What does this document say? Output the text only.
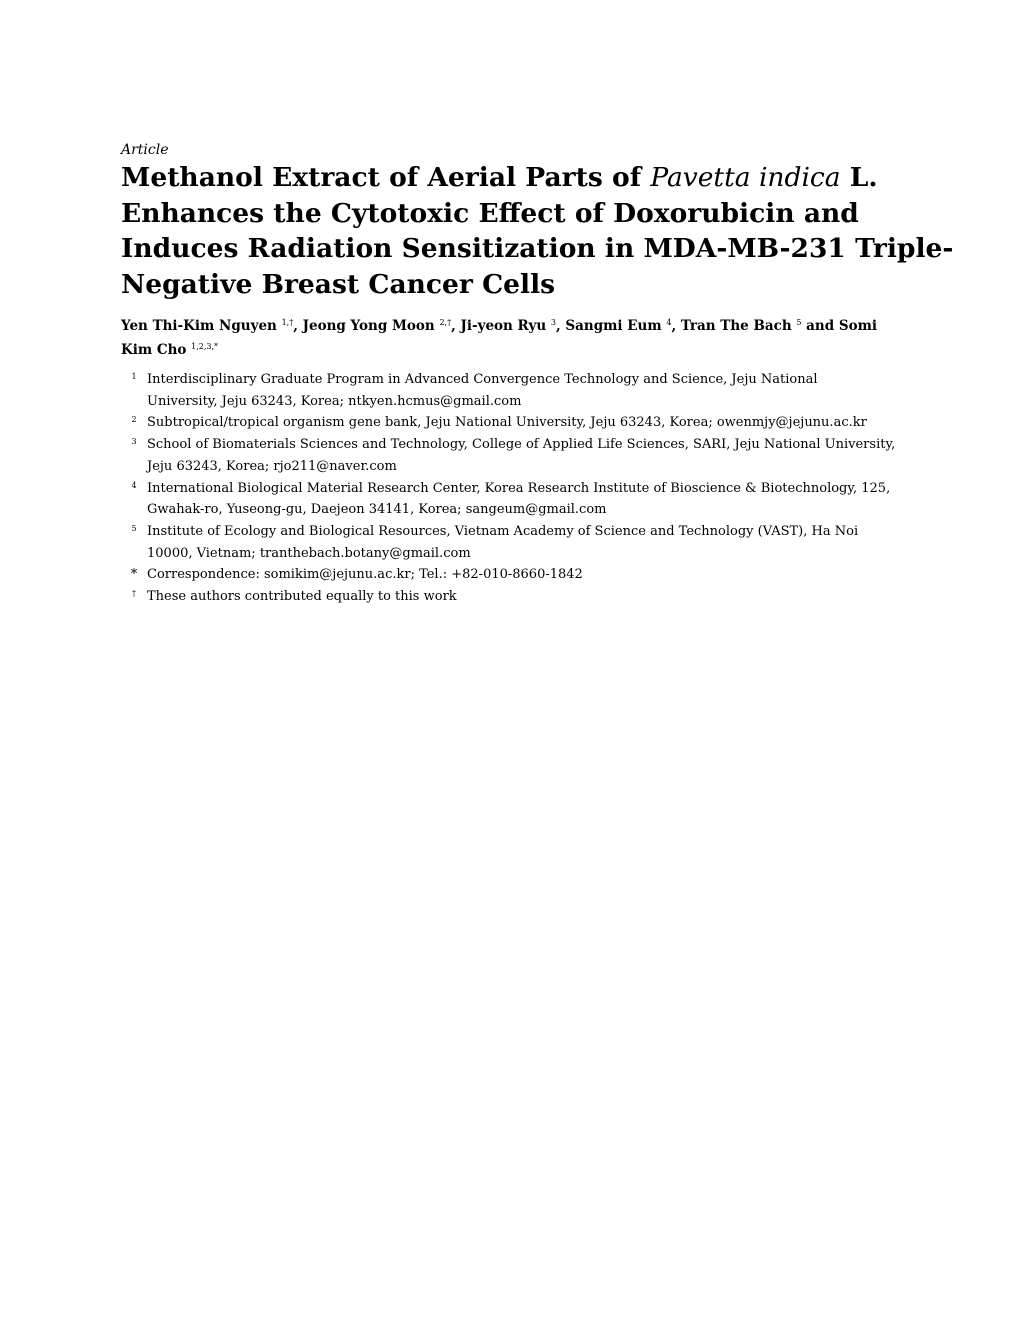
Article
Methanol Extract of Aerial Parts of Pavetta indica L.
Enhances the Cytotoxic Effect of Doxorubicin and
Induces Radiation Sensitization in MDA-MB-231 Triple-
Negative Breast Cancer Cells
Yen Thi-Kim Nguyen $^{1,\dagger}$, Jeong Yong Moon $^{2,\dagger}$, Ji-yeon Ryu $^3$, Sangmi Eum $^4$, Tran The Bach $^5$ and Somi
Kim Cho $^{1,2,3,*}$
1 Interdisciplinary Graduate Program in Advanced Convergence Technology and Science, Jeju National
University, Jeju 63243, Korea; ntkyen.hcmus@gmail.com
2 Subtropical/tropical organism gene bank, Jeju National University, Jeju 63243, Korea; owenmjy@jejunu.ac.kr
3 School of Biomaterials Sciences and Technology, College of Applied Life Sciences, SARI, Jeju National University,
Jeju 63243, Korea; rjo211@naver.com
4 International Biological Material Research Center, Korea Research Institute of Bioscience & Biotechnology, 125,
Gwahak-ro, Yuseong-gu, Daejeon 34141, Korea; sangeum@gmail.com
5 Institute of Ecology and Biological Resources, Vietnam Academy of Science and Technology (VAST), Ha Noi
10000, Vietnam; tranthebach.botany@gmail.com
* Correspondence: somikim@jejunu.ac.kr; Tel.: +82-010-8660-1842
† These authors contributed equally to this work
